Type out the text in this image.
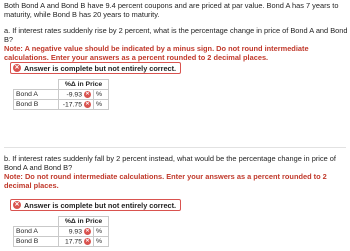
Both Bond A and Bond B have 9.4 percent coupons and are priced at par value. Bond A has 7 years to maturity, while Bond B has 20 years to maturity.
a. If interest rates suddenly rise by 2 percent, what is the percentage change in price of Bond A and Bond B?
Note: A negative value should be indicated by a minus sign. Do not round intermediate calculations. Enter your answers as a percent rounded to 2 decimal places.
✕ Answer is complete but not entirely correct.
	%Δ in Price	
Bond A	-9.93 ✕	%
Bond B	-17.75 ✕	%
b. If interest rates suddenly fall by 2 percent instead, what would be the percentage change in price of Bond A and Bond B?
Note: Do not round intermediate calculations. Enter your answers as a percent rounded to 2 decimal places.
✕ Answer is complete but not entirely correct.
	%Δ in Price	
Bond A	9.93 ✕	%
Bond B	17.75 ✕	%
